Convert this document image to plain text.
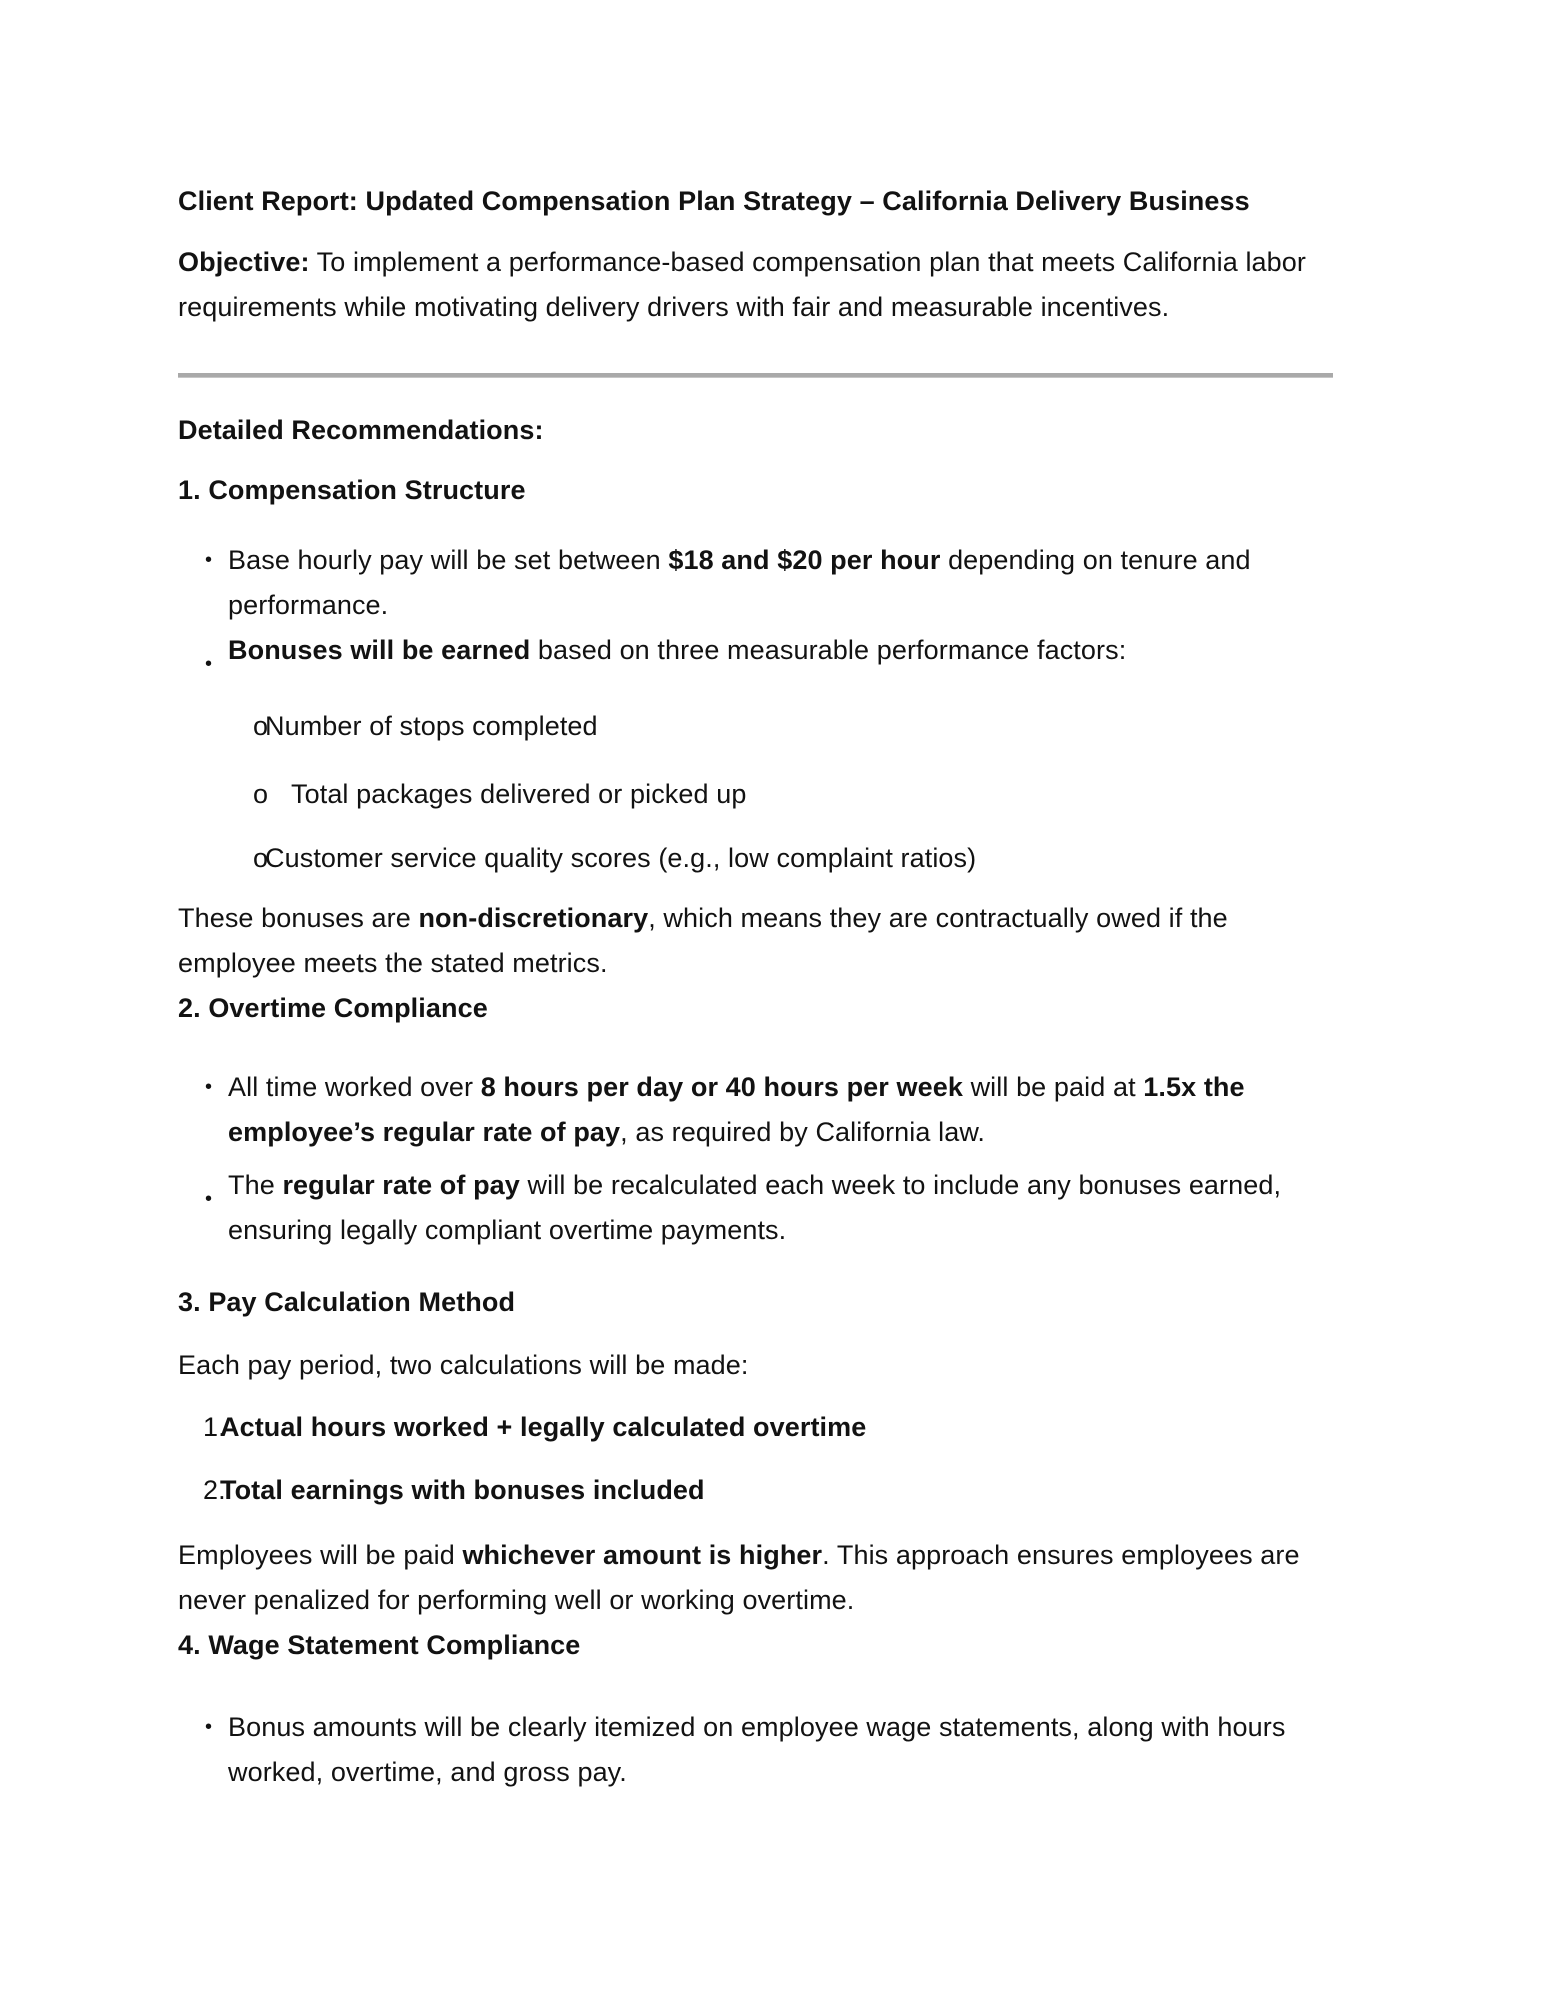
Client Report: Updated Compensation Plan Strategy – California Delivery Business
Objective: To implement a performance-based compensation plan that meets California labor requirements while motivating delivery drivers with fair and measurable incentives.
Detailed Recommendations:
1. Compensation Structure
• Base hourly pay will be set between $18 and $20 per hour depending on tenure and performance.
• Bonuses will be earned based on three measurable performance factors:
o
Number of stops completed
o Total packages delivered or picked up
o
Customer service quality scores (e.g., low complaint ratios)
These bonuses are non-discretionary, which means they are contractually owed if the employee meets the stated metrics.
2. Overtime Compliance
• All time worked over 8 hours per day or 40 hours per week will be paid at 1.5x the employee’s regular rate of pay, as required by California law.
• The regular rate of pay will be recalculated each week to include any bonuses earned, ensuring legally compliant overtime payments.
3. Pay Calculation Method
Each pay period, two calculations will be made:
1.
Actual hours worked + legally calculated overtime
2.
Total earnings with bonuses included
Employees will be paid whichever amount is higher. This approach ensures employees are never penalized for performing well or working overtime.
4. Wage Statement Compliance
• Bonus amounts will be clearly itemized on employee wage statements, along with hours worked, overtime, and gross pay.
